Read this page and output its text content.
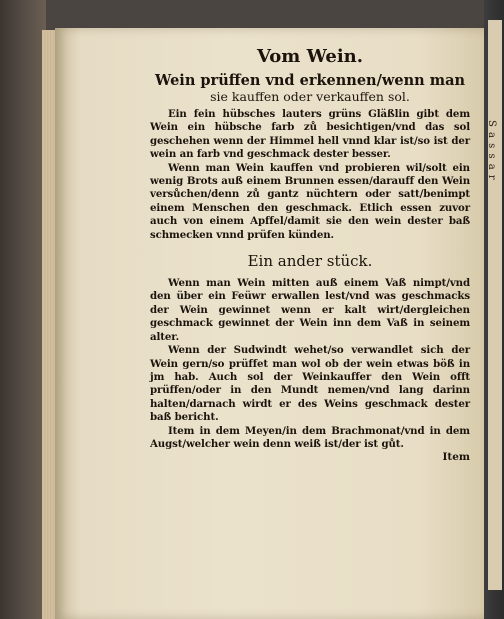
S a s s a r

Vom Wein.

Wein prüffen vnd erkennen/wenn man

sie kauffen oder verkauffen sol.

Ein fein hübsches lauters grüns Gläßlin gibt dem Wein ein hübsche farb zů besichtigen/vnd das sol geschehen wenn der Himmel hell vnnd klar ist/so ist der wein an farb vnd geschmack dester besser.

Wenn man Wein kauffen vnd probieren wil/solt ein wenig Brots auß einem Brunnen essen/darauff den Wein versůchen/denn zů gantz nüchtern oder satt/benimpt einem Menschen den geschmack. Etlich essen zuvor auch von einem Apffel/damit sie den wein dester baß schmecken vnnd prüfen künden.

Ein ander stück.

Wenn man Wein mitten auß einem Vaß nimpt/vnd den über ein Feüwr erwallen lest/vnd was geschmacks der Wein gewinnet wenn er kalt wirt/dergleichen geschmack gewinnet der Wein inn dem Vaß in seinem alter.

Wenn der Sudwindt wehet/so verwandlet sich der Wein gern/so prüffet man wol ob der wein etwas böß in jm hab. Auch sol der Weinkauffer den Wein offt prüffen/oder in den Mundt nemen/vnd lang darinn halten/darnach wirdt er des Weins geschmack dester baß bericht.

Item in dem Meyen/in dem Brachmonat/vnd in dem Augst/welcher wein denn weiß ist/der ist gůt.

Item
